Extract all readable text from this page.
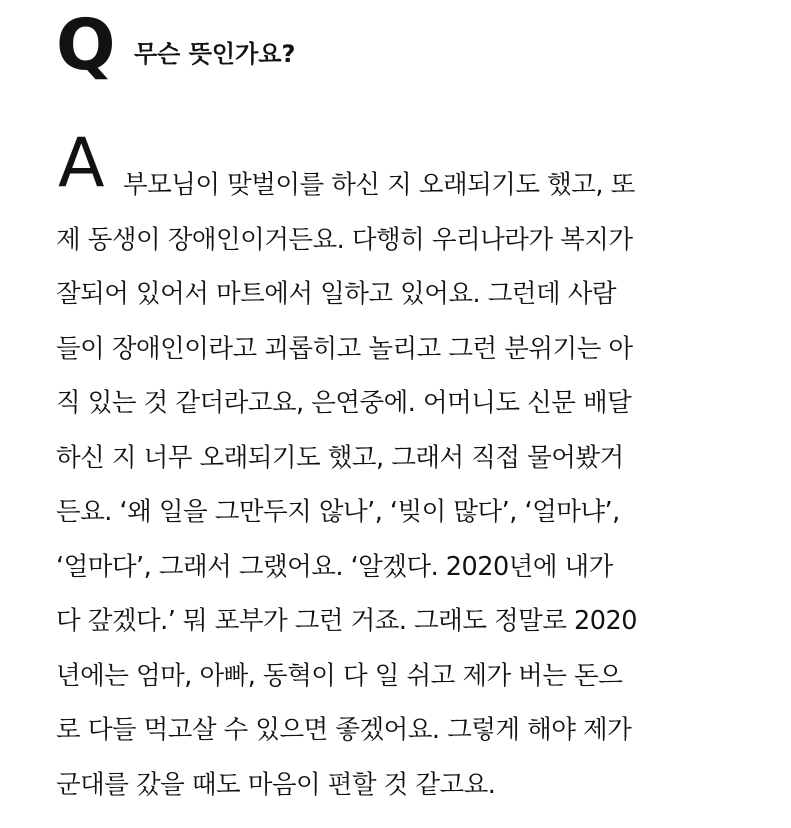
Q 무슨 뜻인가요?
A 부모님이 맞벌이를 하신 지 오래되기도 했고, 또
제 동생이 장애인이거든요. 다행히 우리나라가 복지가
잘되어 있어서 마트에서 일하고 있어요. 그런데 사람
들이 장애인이라고 괴롭히고 놀리고 그런 분위기는 아
직 있는 것 같더라고요, 은연중에. 어머니도 신문 배달
하신 지 너무 오래되기도 했고, 그래서 직접 물어봤거
든요. ‘왜 일을 그만두지 않나’, ‘빚이 많다’, ‘얼마냐’,
‘얼마다’, 그래서 그랬어요. ‘알겠다. 2020년에 내가
다 갚겠다.’ 뭐 포부가 그런 거죠. 그래도 정말로 2020
년에는 엄마, 아빠, 동혁이 다 일 쉬고 제가 버는 돈으
로 다들 먹고살 수 있으면 좋겠어요. 그렇게 해야 제가
군대를 갔을 때도 마음이 편할 것 같고요.
